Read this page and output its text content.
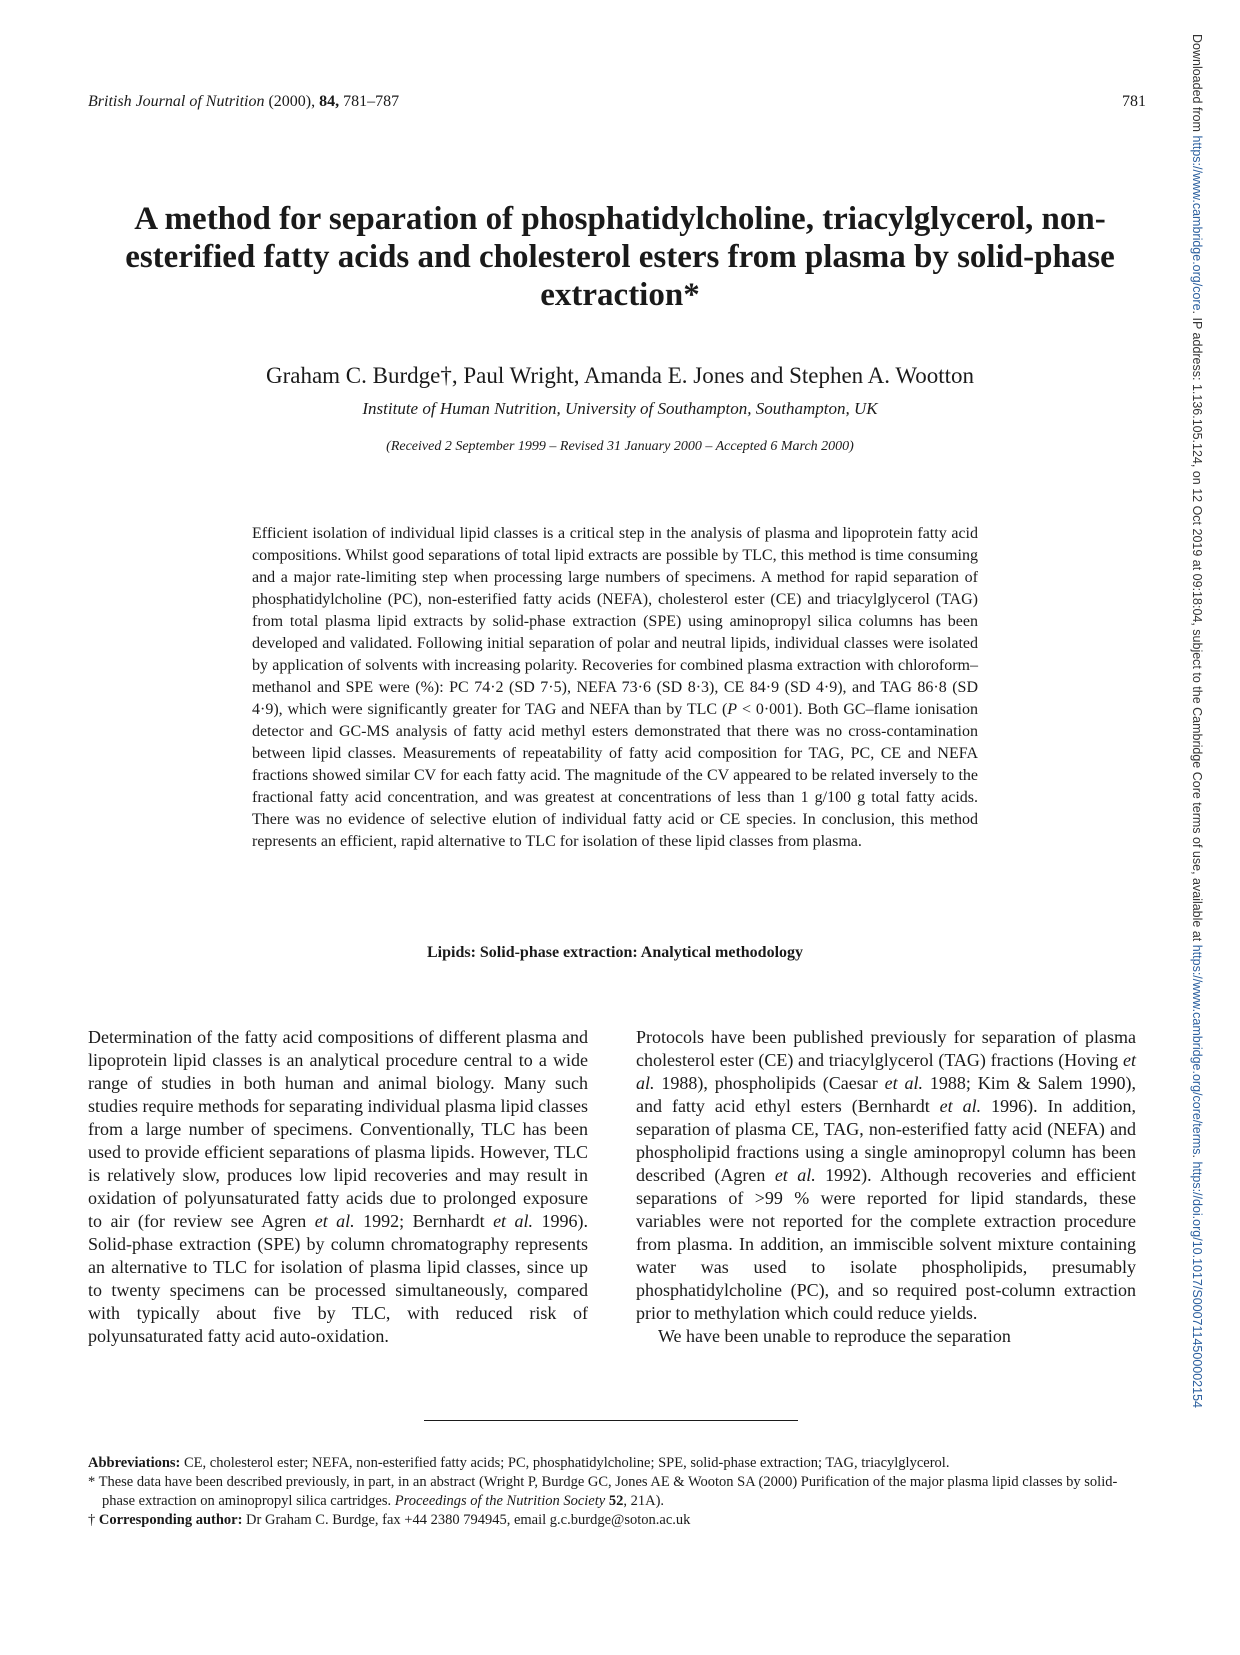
British Journal of Nutrition (2000), 84, 781–787	781
A method for separation of phosphatidylcholine, triacylglycerol, non-esterified fatty acids and cholesterol esters from plasma by solid-phase extraction*
Graham C. Burdge†, Paul Wright, Amanda E. Jones and Stephen A. Wootton
Institute of Human Nutrition, University of Southampton, Southampton, UK
(Received 2 September 1999 – Revised 31 January 2000 – Accepted 6 March 2000)

Efficient isolation of individual lipid classes is a critical step in the analysis of plasma and lipoprotein fatty acid compositions. Whilst good separations of total lipid extracts are possible by TLC, this method is time consuming and a major rate-limiting step when processing large numbers of specimens. A method for rapid separation of phosphatidylcholine (PC), non-esterified fatty acids (NEFA), cholesterol ester (CE) and triacylglycerol (TAG) from total plasma lipid extracts by solid-phase extraction (SPE) using aminopropyl silica columns has been developed and validated. Following initial separation of polar and neutral lipids, individual classes were isolated by application of solvents with increasing polarity. Recoveries for combined plasma extraction with chloroform–methanol and SPE were (%): PC 74·2 (SD 7·5), NEFA 73·6 (SD 8·3), CE 84·9 (SD 4·9), and TAG 86·8 (SD 4·9), which were significantly greater for TAG and NEFA than by TLC (P < 0·001). Both GC–flame ionisation detector and GC-MS analysis of fatty acid methyl esters demonstrated that there was no cross-contamination between lipid classes. Measurements of repeatability of fatty acid composition for TAG, PC, CE and NEFA fractions showed similar CV for each fatty acid. The magnitude of the CV appeared to be related inversely to the fractional fatty acid concentration, and was greatest at concentrations of less than 1 g/100 g total fatty acids. There was no evidence of selective elution of individual fatty acid or CE species. In conclusion, this method represents an efficient, rapid alternative to TLC for isolation of these lipid classes from plasma.

Lipids: Solid-phase extraction: Analytical methodology

Determination of the fatty acid compositions of different plasma and lipoprotein lipid classes is an analytical procedure central to a wide range of studies in both human and animal biology. Many such studies require methods for separating individual plasma lipid classes from a large number of specimens. Conventionally, TLC has been used to provide efficient separations of plasma lipids. However, TLC is relatively slow, produces low lipid recoveries and may result in oxidation of polyunsaturated fatty acids due to prolonged exposure to air (for review see Agren et al. 1992; Bernhardt et al. 1996). Solid-phase extraction (SPE) by column chromatography represents an alternative to TLC for isolation of plasma lipid classes, since up to twenty specimens can be processed simultaneously, compared with typically about five by TLC, with reduced risk of polyunsaturated fatty acid auto-oxidation.

Protocols have been published previously for separation of plasma cholesterol ester (CE) and triacylglycerol (TAG) fractions (Hoving et al. 1988), phospholipids (Caesar et al. 1988; Kim & Salem 1990), and fatty acid ethyl esters (Bernhardt et al. 1996). In addition, separation of plasma CE, TAG, non-esterified fatty acid (NEFA) and phospholipid fractions using a single aminopropyl column has been described (Agren et al. 1992). Although recoveries and efficient separations of >99 % were reported for lipid standards, these variables were not reported for the complete extraction procedure from plasma. In addition, an immiscible solvent mixture containing water was used to isolate phospholipids, presumably phosphatidylcholine (PC), and so required post-column extraction prior to methylation which could reduce yields.

We have been unable to reproduce the separation

Abbreviations: CE, cholesterol ester; NEFA, non-esterified fatty acids; PC, phosphatidylcholine; SPE, solid-phase extraction; TAG, triacylglycerol.

* These data have been described previously, in part, in an abstract (Wright P, Burdge GC, Jones AE & Wooton SA (2000) Purification of the major plasma lipid classes by solid-phase extraction on aminopropyl silica cartridges. Proceedings of the Nutrition Society 52, 21A).

† Corresponding author: Dr Graham C. Burdge, fax +44 2380 794945, email g.c.burdge@soton.ac.uk

Downloaded from https://www.cambridge.org/core. IP address: 1.136.105.124, on 12 Oct 2019 at 09:18:04, subject to the Cambridge Core terms of use, available at https://www.cambridge.org/core/terms. https://doi.org/10.1017/S0007114500002154
